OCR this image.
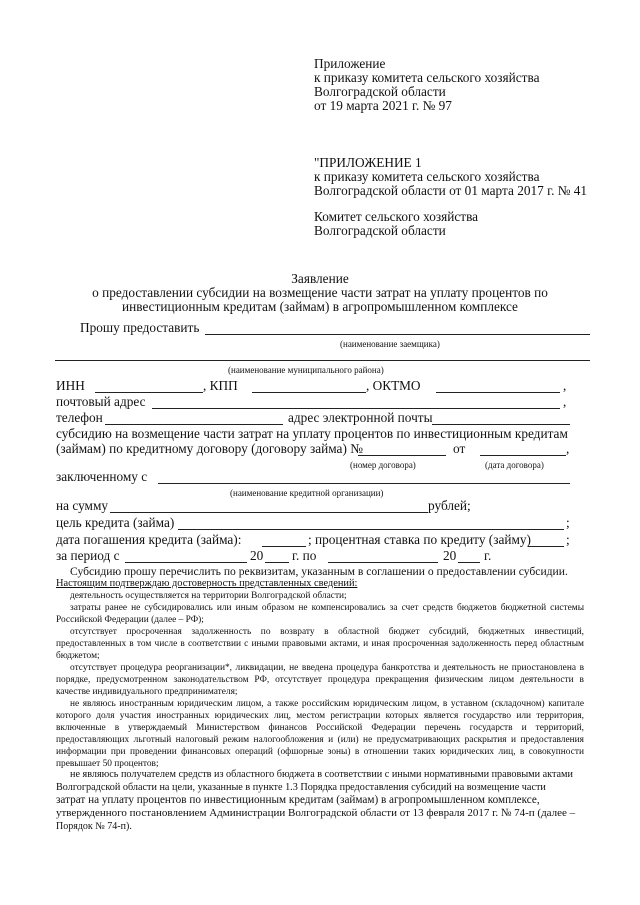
Приложение
к приказу комитета сельского хозяйства
Волгоградской области
от 19 марта 2021 г. № 97
"ПРИЛОЖЕНИЕ 1
к приказу комитета сельского хозяйства
Волгоградской области от 01 марта 2017 г. № 41
Комитет сельского хозяйства
Волгоградской области
Заявление
о предоставлении субсидии на возмещение части затрат на уплату процентов по
инвестиционным кредитам (займам) в агропромышленном комплексе
Прошу предоставить
(наименование заемщика)
(наименование муниципального района)
ИНН	, КПП	, ОКТМО	,
почтовый адрес	,
телефон	адрес электронной почты
субсидию на возмещение части затрат на уплату процентов по инвестиционным кредитам
(займам) по кредитному договору (договору займа) №	от	,
(номер договора)	(дата договора)
заключенному с
(наименование кредитной организации)
на сумму	рублей;
цель кредита (займа)	;
дата погашения кредита (займа):	; процентная ставка по кредиту (займу)	;
за период с	20 г. по	20 г.
Субсидию прошу перечислить по реквизитам, указанным в соглашении о предоставлении субсидии.
Настоящим подтверждаю достоверность представленных сведений:
деятельность осуществляется на территории Волгоградской области;
затраты ранее не субсидировались или иным образом не компенсировались за счет средств бюджетов бюджетной системы Российской Федерации (далее – РФ);
отсутствует просроченная задолженность по возврату в областной бюджет субсидий, бюджетных инвестиций, предоставленных в том числе в соответствии с иными правовыми актами, и иная просроченная задолженность перед областным бюджетом;
отсутствует процедура реорганизации*, ликвидации, не введена процедура банкротства и деятельность не приостановлена в порядке, предусмотренном законодательством РФ, отсутствует процедура прекращения физическим лицом деятельности в качестве индивидуального предпринимателя;
не являюсь иностранным юридическим лицом, а также российским юридическим лицом, в уставном (складочном) капитале которого доля участия иностранных юридических лиц, местом регистрации которых является государство или территория, включенные в утверждаемый Министерством финансов Российской Федерации перечень государств и территорий, предоставляющих льготный налоговый режим налогообложения и (или) не предусматривающих раскрытия и предоставления информации при проведении финансовых операций (офшорные зоны) в отношении таких юридических лиц, в совокупности превышает 50 процентов;
не являюсь получателем средств из областного бюджета в соответствии с иными нормативными правовыми актами
Волгоградской области на цели, указанные в пункте 1.3 Порядка предоставления субсидий на возмещение части
затрат на уплату процентов по инвестиционным кредитам (займам) в агропромышленном комплексе,
утвержденного постановлением Администрации Волгоградской области от 13 февраля 2017 г. № 74-п (далее –
Порядок № 74-п).
